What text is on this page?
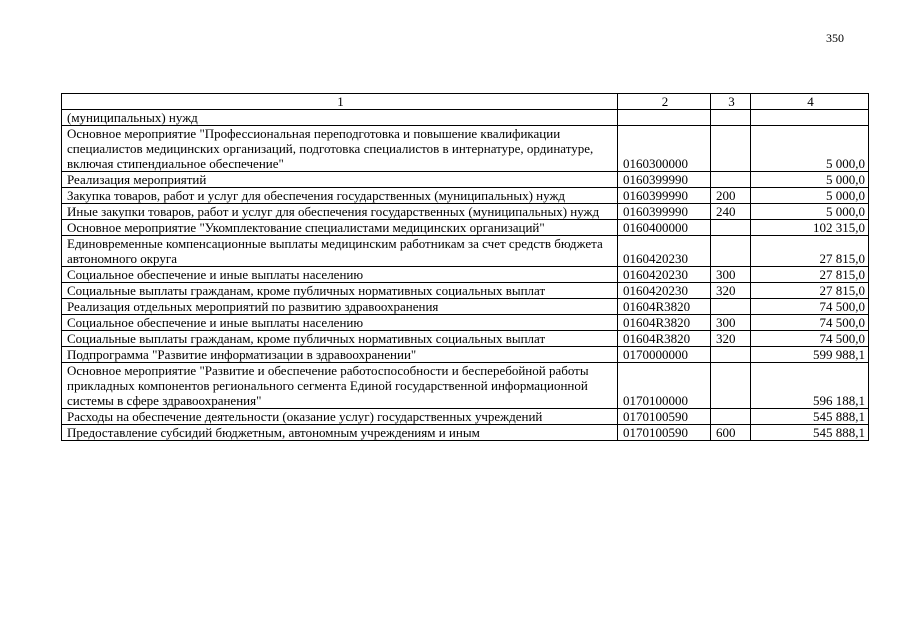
350
1	2	3	4
(муниципальных) нужд			
Основное мероприятие "Профессиональная переподготовка и повышение квалификации специалистов медицинских организаций, подготовка специалистов в интернатуре, ординатуре, включая стипендиальное обеспечение"	0160300000		5 000,0
Реализация мероприятий	0160399990		5 000,0
Закупка товаров, работ и услуг для обеспечения государственных (муниципальных) нужд	0160399990	200	5 000,0
Иные закупки товаров, работ и услуг для обеспечения государственных (муниципальных) нужд	0160399990	240	5 000,0
Основное мероприятие "Укомплектование специалистами медицинских организаций"	0160400000		102 315,0
Единовременные компенсационные выплаты медицинским работникам за счет средств бюджета автономного округа	0160420230		27 815,0
Социальное обеспечение и иные выплаты населению	0160420230	300	27 815,0
Социальные выплаты гражданам, кроме публичных нормативных социальных выплат	0160420230	320	27 815,0
Реализация отдельных мероприятий по развитию здравоохранения	01604R3820		74 500,0
Социальное обеспечение и иные выплаты населению	01604R3820	300	74 500,0
Социальные выплаты гражданам, кроме публичных нормативных социальных выплат	01604R3820	320	74 500,0
Подпрограмма "Развитие информатизации в здравоохранении"	0170000000		599 988,1
Основное мероприятие "Развитие и обеспечение работоспособности и бесперебойной работы прикладных компонентов регионального сегмента Единой государственной информационной системы в сфере здравоохранения"	0170100000		596 188,1
Расходы на обеспечение деятельности (оказание услуг) государственных учреждений	0170100590		545 888,1
Предоставление субсидий бюджетным, автономным учреждениям и иным	0170100590	600	545 888,1
